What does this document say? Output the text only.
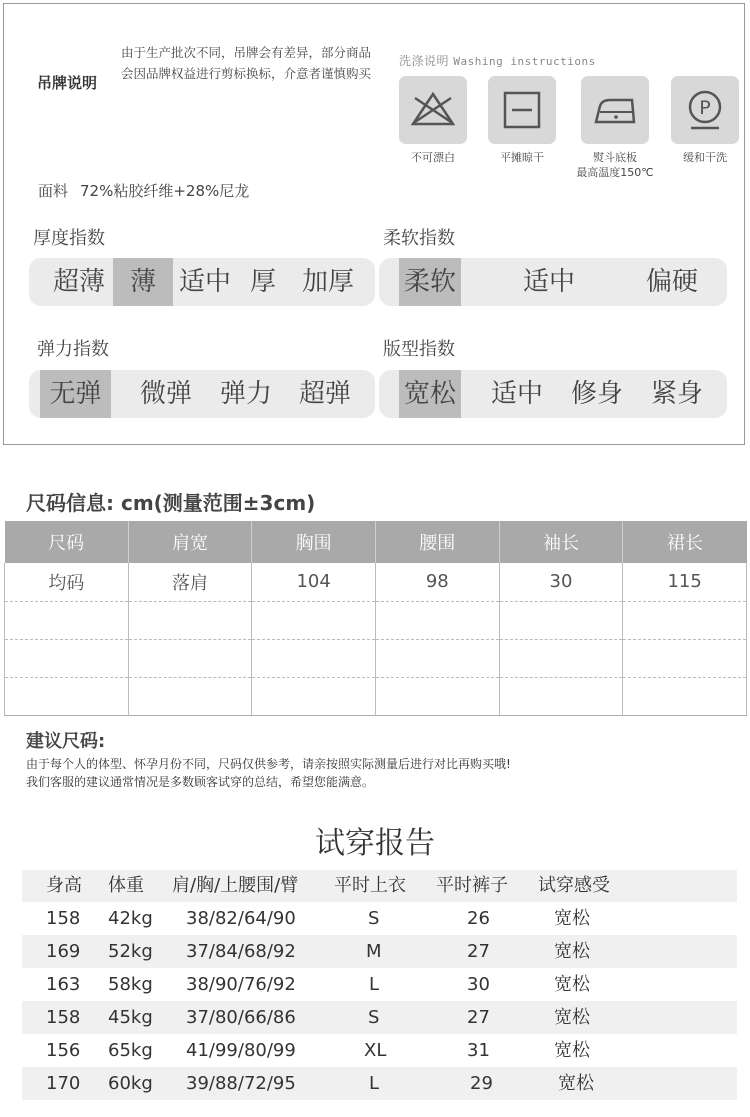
吊牌说明
由于生产批次不同，吊牌会有差异，部分商品会因品牌权益进行剪标换标，介意者谨慎购买
面料 72%粘胶纤维+28%尼龙
洗涤说明 Washing instructions
不可漂白	平摊晾干	熨斗底板
最高温度150℃
P
缓和干洗
厚度指数
超薄 薄 适中 厚 加厚
柔软指数
柔软	适中	偏硬
弹力指数
无弹	微弹	弹力	超弹
版型指数
宽松	适中	修身	紧身
尺码信息: cm(测量范围±3cm)
尺码	肩宽	胸围	腰围	袖长	裙长
均码	落肩	104	98	30	115

建议尺码:
由于每个人的体型、怀孕月份不同，尺码仅供参考，请亲按照实际测量后进行对比再购买哦!
我们客服的建议通常情况是多数顾客试穿的总结，希望您能满意。
试穿报告
身高 体重 肩/胸/上腰围/臂 平时上衣 平时裤子 试穿感受
158 42kg 38/82/64/90	S	26	宽松
169 52kg 37/84/68/92	M	27	宽松
163 58kg 38/90/76/92	L	30	宽松
158 45kg 37/80/66/86	S	27	宽松
156 65kg 41/99/80/99	XL	31	宽松
170 60kg 39/88/72/95	L	29	宽松
